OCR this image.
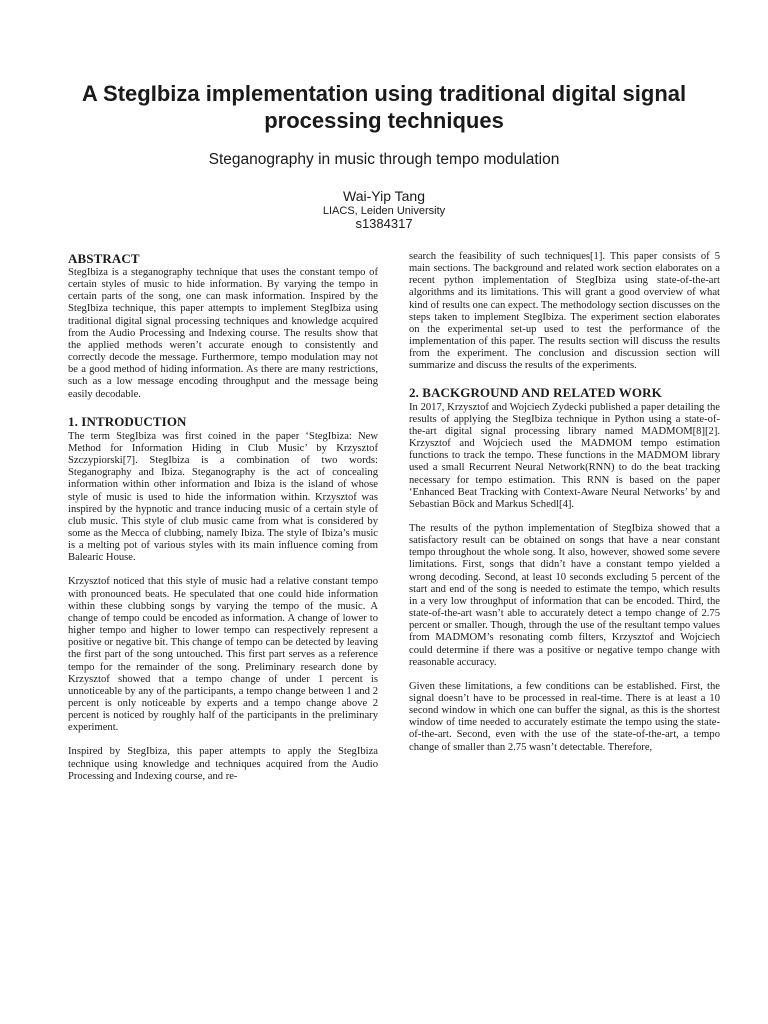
A StegIbiza implementation using traditional digital signal processing techniques
Steganography in music through tempo modulation
Wai-Yip Tang
LIACS, Leiden University
s1384317
ABSTRACT

StegIbiza is a steganography technique that uses the constant tempo of certain styles of music to hide information. By varying the tempo in certain parts of the song, one can mask information. Inspired by the StegIbiza technique, this paper attempts to implement StegIbiza using traditional digital signal processing techniques and knowledge acquired from the Audio Processing and Indexing course. The results show that the applied methods weren’t accurate enough to consistently and correctly decode the message. Furthermore, tempo modulation may not be a good method of hiding information. As there are many restrictions, such as a low message encoding throughput and the message being easily decodable.

1. INTRODUCTION

The term StegIbiza was first coined in the paper ‘StegIbiza: New Method for Information Hiding in Club Music’ by Krzysztof Szczypiorski[7]. StegIbiza is a combination of two words: Steganography and Ibiza. Steganography is the act of concealing information within other information and Ibiza is the island of whose style of music is used to hide the information within. Krzysztof was inspired by the hypnotic and trance inducing music of a certain style of club music. This style of club music came from what is considered by some as the Mecca of clubbing, namely Ibiza. The style of Ibiza’s music is a melting pot of various styles with its main influence coming from Balearic House.

Krzysztof noticed that this style of music had a relative constant tempo with pronounced beats. He speculated that one could hide information within these clubbing songs by varying the tempo of the music. A change of tempo could be encoded as information. A change of lower to higher tempo and higher to lower tempo can respectively represent a positive or negative bit. This change of tempo can be detected by leaving the first part of the song untouched. This first part serves as a reference tempo for the remainder of the song. Preliminary research done by Krzysztof showed that a tempo change of under 1 percent is unnoticeable by any of the participants, a tempo change between 1 and 2 percent is only noticeable by experts and a tempo change above 2 percent is noticed by roughly half of the participants in the preliminary experiment.

Inspired by StegIbiza, this paper attempts to apply the StegIbiza technique using knowledge and techniques acquired from the Audio Processing and Indexing course, and re-

search the feasibility of such techniques[1]. This paper consists of 5 main sections. The background and related work section elaborates on a recent python implementation of StegIbiza using state-of-the-art algorithms and its limitations. This will grant a good overview of what kind of results one can expect. The methodology section discusses on the steps taken to implement StegIbiza. The experiment section elaborates on the experimental set-up used to test the performance of the implementation of this paper. The results section will discuss the results from the experiment. The conclusion and discussion section will summarize and discuss the results of the experiments.

2. BACKGROUND AND RELATED WORK

In 2017, Krzysztof and Wojciech Zydecki published a paper detailing the results of applying the StegIbiza technique in Python using a state-of-the-art digital signal processing library named MADMOM[8][2]. Krzysztof and Wojciech used the MADMOM tempo estimation functions to track the tempo. These functions in the MADMOM library used a small Recurrent Neural Network(RNN) to do the beat tracking necessary for tempo estimation. This RNN is based on the paper ‘Enhanced Beat Tracking with Context-Aware Neural Networks’ by and Sebastian Böck and Markus Schedl[4].

The results of the python implementation of StegIbiza showed that a satisfactory result can be obtained on songs that have a near constant tempo throughout the whole song. It also, however, showed some severe limitations. First, songs that didn’t have a constant tempo yielded a wrong decoding. Second, at least 10 seconds excluding 5 percent of the start and end of the song is needed to estimate the tempo, which results in a very low throughput of information that can be encoded. Third, the state-of-the-art wasn’t able to accurately detect a tempo change of 2.75 percent or smaller. Though, through the use of the resultant tempo values from MADMOM’s resonating comb filters, Krzysztof and Wojciech could determine if there was a positive or negative tempo change with reasonable accuracy.

Given these limitations, a few conditions can be established. First, the signal doesn’t have to be processed in real-time. There is at least a 10 second window in which one can buffer the signal, as this is the shortest window of time needed to accurately estimate the tempo using the state-of-the-art. Second, even with the use of the state-of-the-art, a tempo change of smaller than 2.75 wasn’t detectable. Therefore,
